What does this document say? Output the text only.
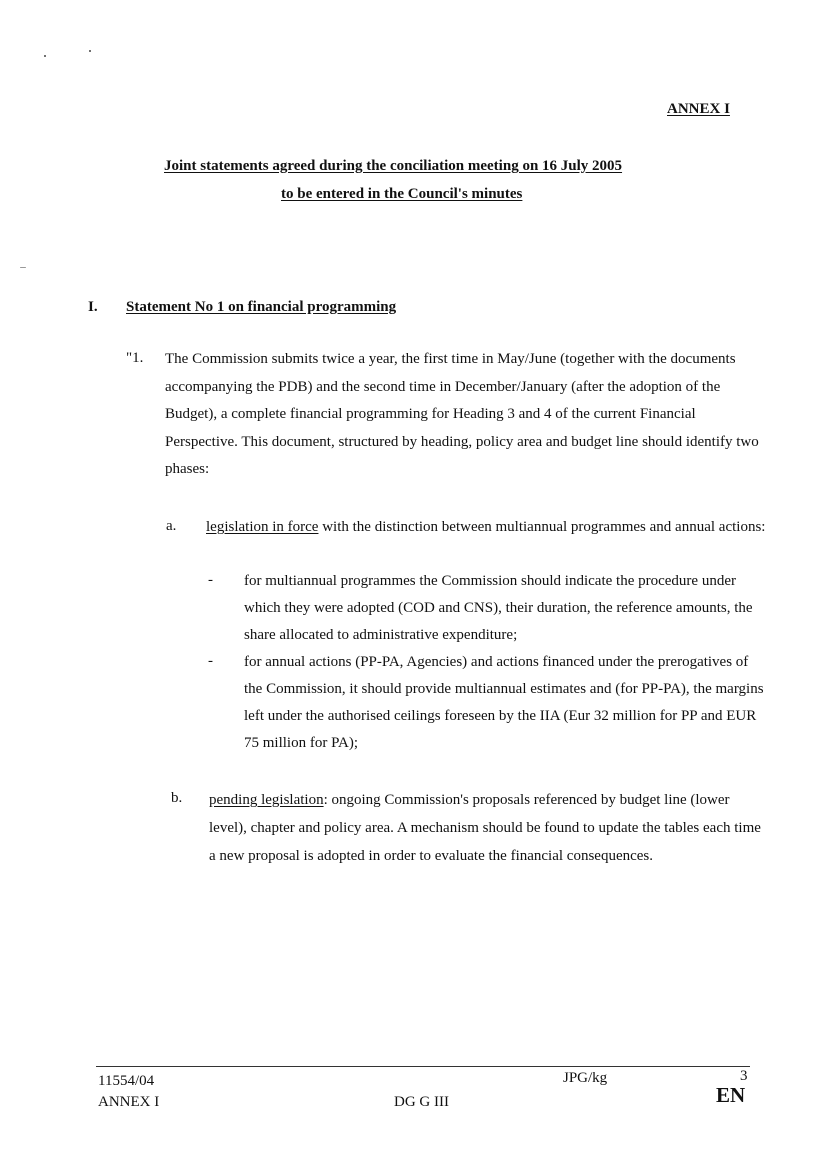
ANNEX I
Joint statements agreed during the conciliation meeting on 16 July 2005
to be entered in the Council's minutes
I. Statement No 1 on financial programming
"1. The Commission submits twice a year, the first time in May/June (together with the documents accompanying the PDB) and the second time in December/January (after the adoption of the Budget), a complete financial programming for Heading 3 and 4 of the current Financial Perspective. This document, structured by heading, policy area and budget line should identify two phases:
a. legislation in force with the distinction between multiannual programmes and annual actions:
- for multiannual programmes the Commission should indicate the procedure under which they were adopted (COD and CNS), their duration, the reference amounts, the share allocated to administrative expenditure;
- for annual actions (PP-PA, Agencies) and actions financed under the prerogatives of the Commission, it should provide multiannual estimates and (for PP-PA), the margins left under the authorised ceilings foreseen by the IIA (Eur 32 million for PP and EUR 75 million for PA);
b. pending legislation: ongoing Commission's proposals referenced by budget line (lower level), chapter and policy area. A mechanism should be found to update the tables each time a new proposal is adopted in order to evaluate the financial consequences.
11554/04
ANNEX I	DG G III
JPG/kg	3
EN
